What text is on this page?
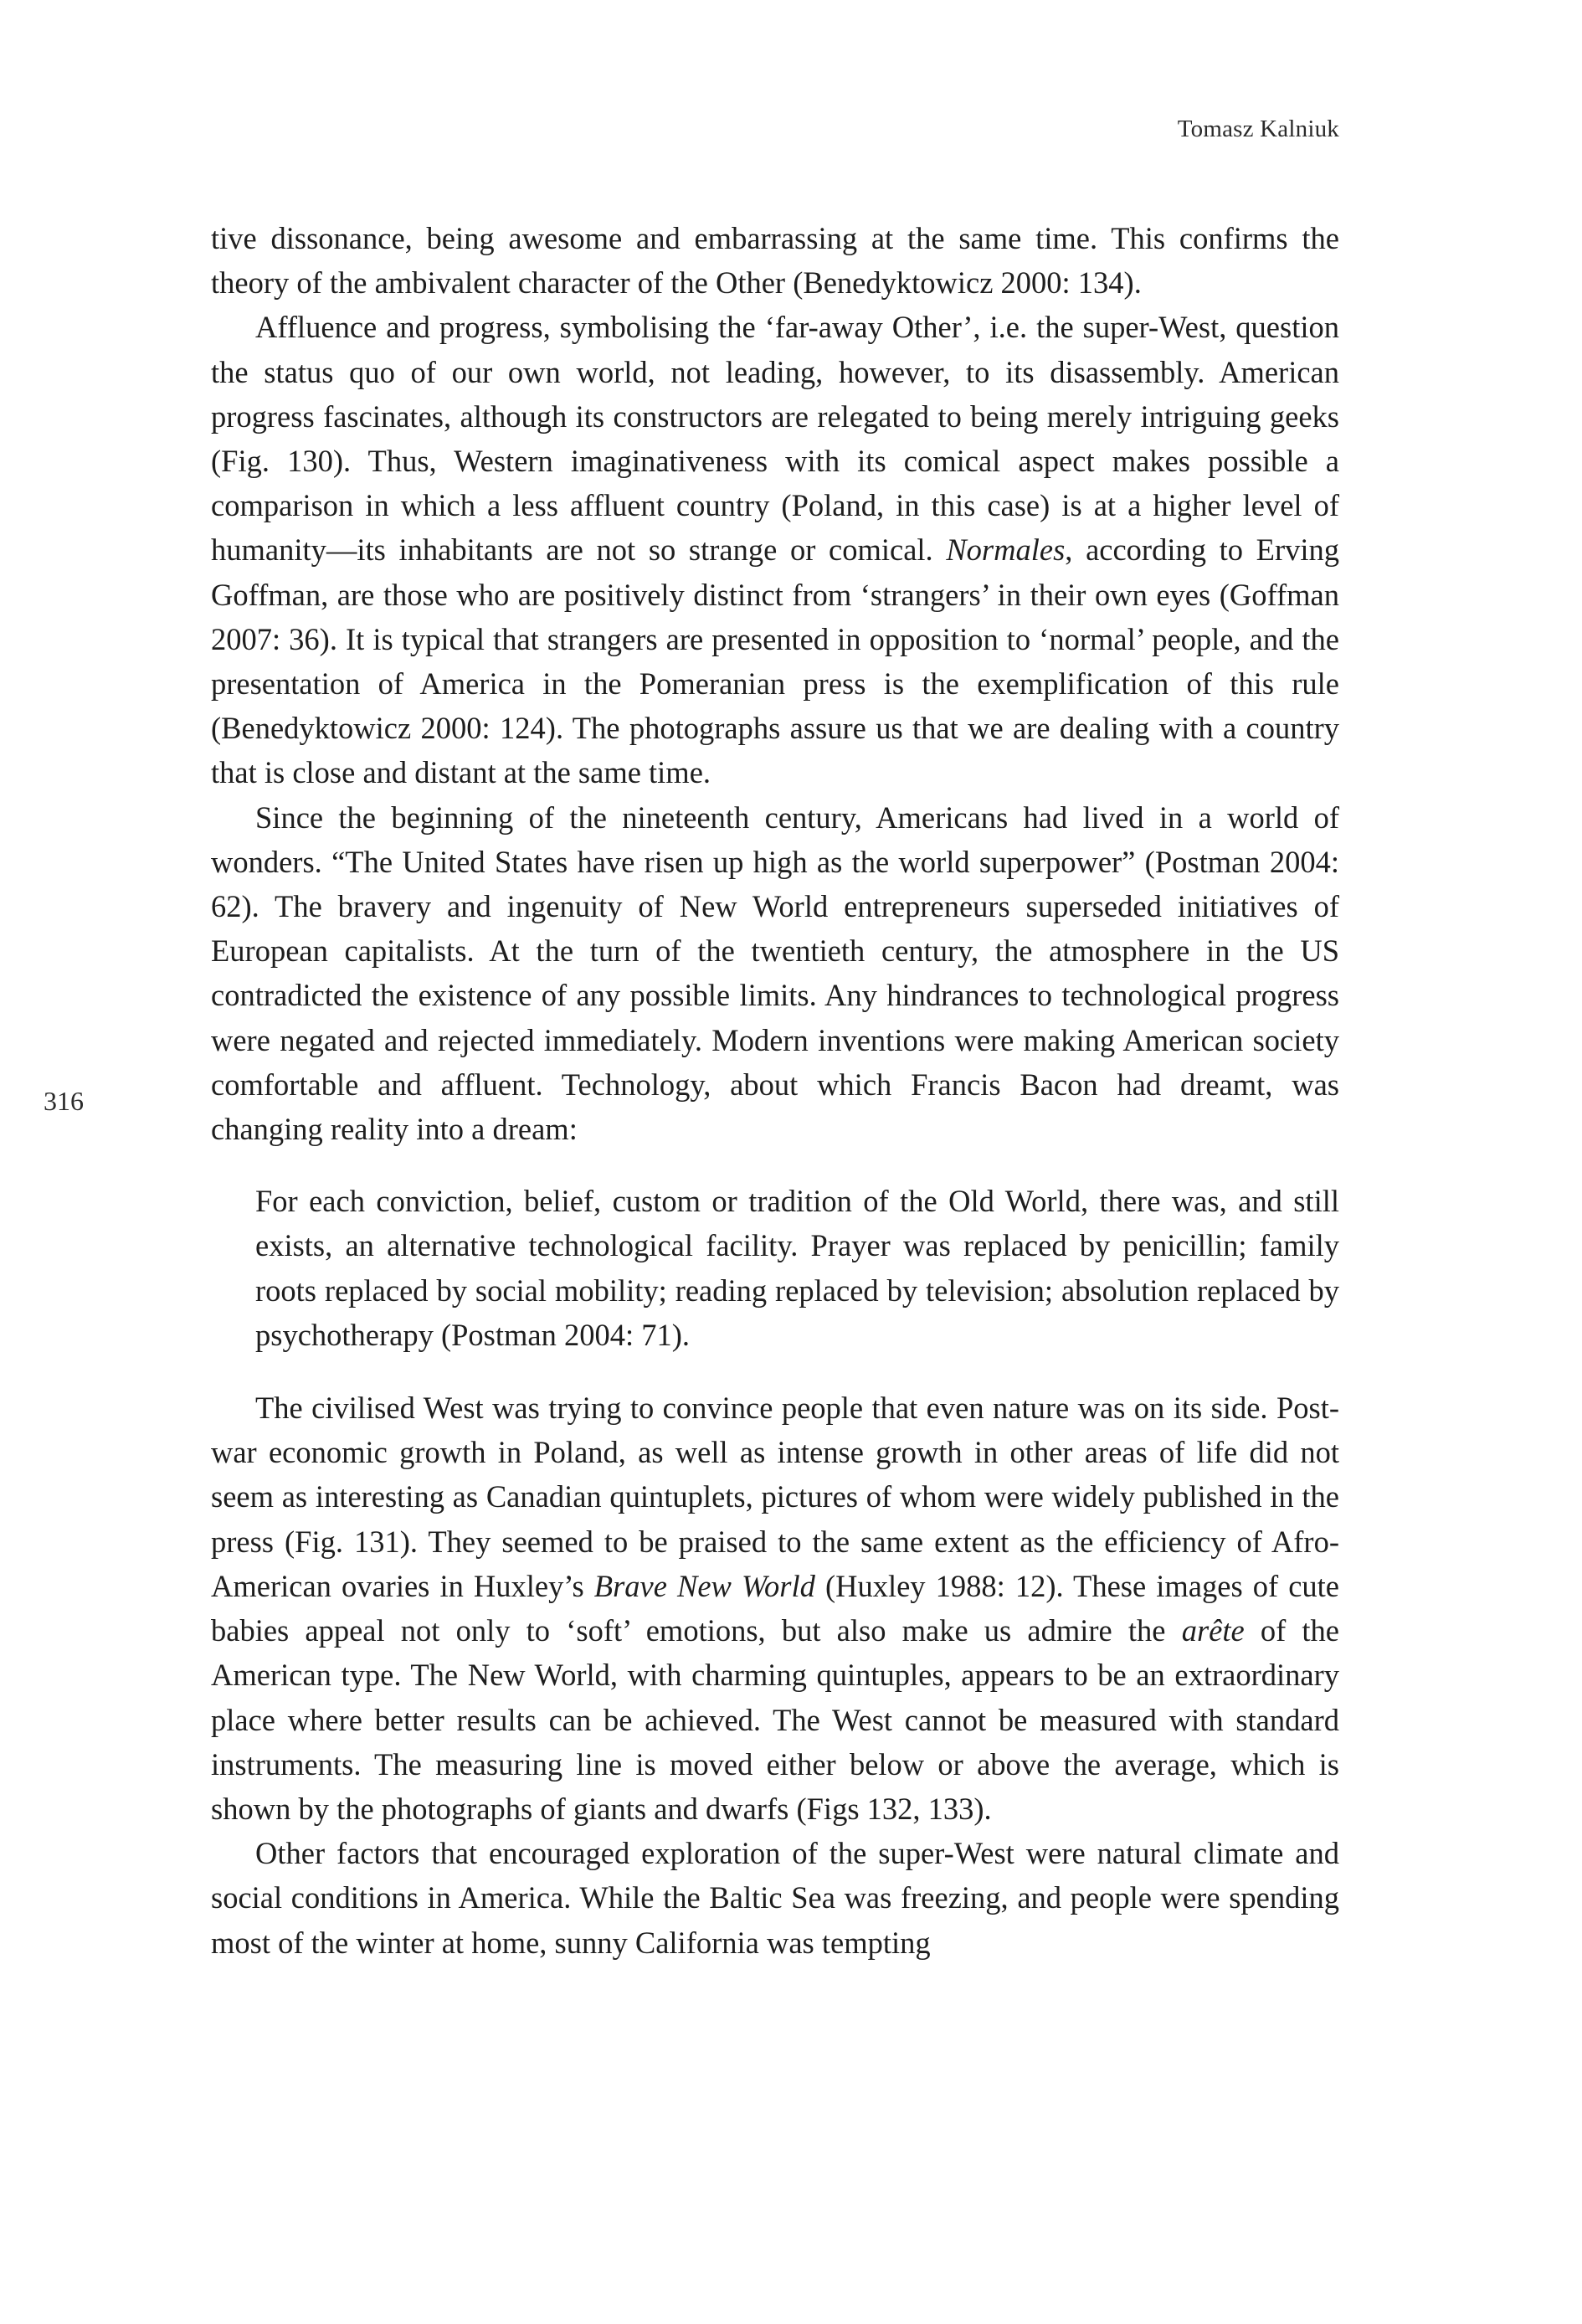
Tomasz Kalniuk
316

tive dissonance, being awesome and embarrassing at the same time. This confirms the theory of the ambivalent character of the Other (Benedyktowicz 2000: 134).

Affluence and progress, symbolising the ‘far-away Other’, i.e. the super-West, question the status quo of our own world, not leading, however, to its disassembly. American progress fascinates, although its constructors are relegated to being merely intriguing geeks (Fig. 130). Thus, Western imaginativeness with its comical aspect makes possible a comparison in which a less affluent country (Poland, in this case) is at a higher level of humanity—its inhabitants are not so strange or comical. Normales, according to Erving Goffman, are those who are positively distinct from ‘strangers’ in their own eyes (Goffman 2007: 36). It is typical that strangers are presented in opposition to ‘normal’ people, and the presentation of America in the Pomeranian press is the exemplification of this rule (Benedyktowicz 2000: 124). The photographs assure us that we are dealing with a country that is close and distant at the same time.

Since the beginning of the nineteenth century, Americans had lived in a world of wonders. “The United States have risen up high as the world superpower” (Postman 2004: 62). The bravery and ingenuity of New World entrepreneurs superseded initiatives of European capitalists. At the turn of the twentieth century, the atmosphere in the US contradicted the existence of any possible limits. Any hindrances to technological progress were negated and rejected immediately. Modern inventions were making American society comfortable and affluent. Technology, about which Francis Bacon had dreamt, was changing reality into a dream:

For each conviction, belief, custom or tradition of the Old World, there was, and still exists, an alternative technological facility. Prayer was replaced by penicillin; family roots replaced by social mobility; reading replaced by television; absolution replaced by psychotherapy (Postman 2004: 71).

The civilised West was trying to convince people that even nature was on its side. Post-war economic growth in Poland, as well as intense growth in other areas of life did not seem as interesting as Canadian quintuplets, pictures of whom were widely published in the press (Fig. 131). They seemed to be praised to the same extent as the efficiency of Afro-American ovaries in Huxley’s Brave New World (Huxley 1988: 12). These images of cute babies appeal not only to ‘soft’ emotions, but also make us admire the arête of the American type. The New World, with charming quintuples, appears to be an extraordinary place where better results can be achieved. The West cannot be measured with standard instruments. The measuring line is moved either below or above the average, which is shown by the photographs of giants and dwarfs (Figs 132, 133).

Other factors that encouraged exploration of the super-West were natural climate and social conditions in America. While the Baltic Sea was freezing, and people were spending most of the winter at home, sunny California was tempting
